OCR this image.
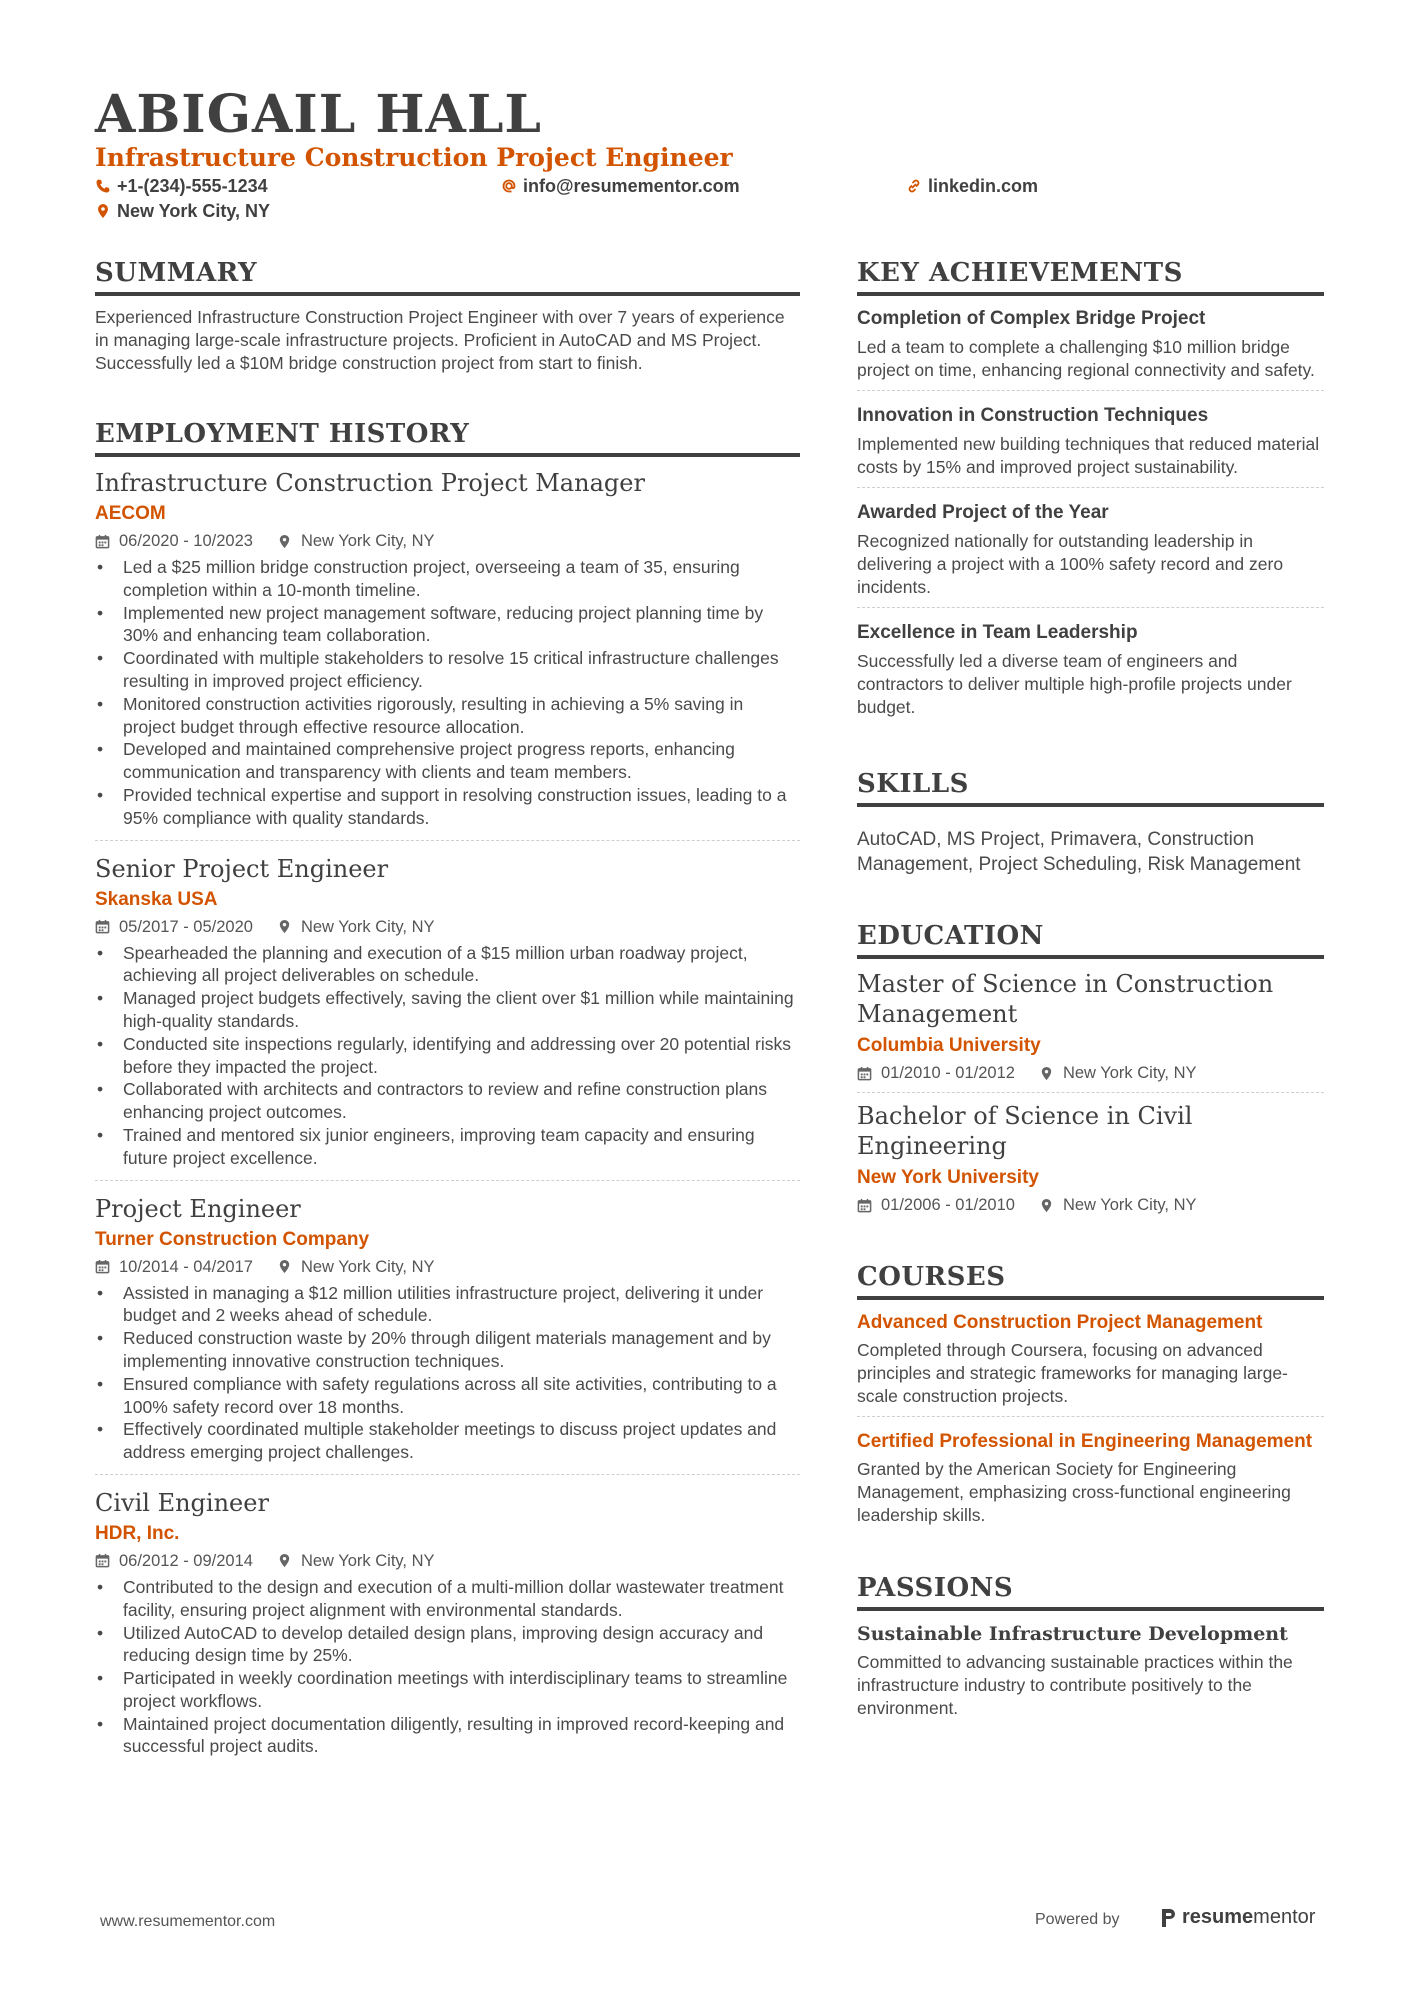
ABIGAIL HALL
Infrastructure Construction Project Engineer
+1-(234)-555-1234	info@resumementor.com	linkedin.com
New York City, NY
SUMMARY

Experienced Infrastructure Construction Project Engineer with over 7 years of experience in managing large-scale infrastructure projects. Proficient in AutoCAD and MS Project. Successfully led a $10M bridge construction project from start to finish.

EMPLOYMENT HISTORY
Infrastructure Construction Project Manager
AECOM
06/2020 - 10/2023	New York City, NY
• Led a $25 million bridge construction project, overseeing a team of 35, ensuring completion within a 10-month timeline.
• Implemented new project management software, reducing project planning time by 30% and enhancing team collaboration.
• Coordinated with multiple stakeholders to resolve 15 critical infrastructure challenges resulting in improved project efficiency.
• Monitored construction activities rigorously, resulting in achieving a 5% saving in project budget through effective resource allocation.
• Developed and maintained comprehensive project progress reports, enhancing communication and transparency with clients and team members.
• Provided technical expertise and support in resolving construction issues, leading to a 95% compliance with quality standards.
Senior Project Engineer
Skanska USA
05/2017 - 05/2020	New York City, NY
• Spearheaded the planning and execution of a $15 million urban roadway project, achieving all project deliverables on schedule.
• Managed project budgets effectively, saving the client over $1 million while maintaining high-quality standards.
• Conducted site inspections regularly, identifying and addressing over 20 potential risks before they impacted the project.
• Collaborated with architects and contractors to review and refine construction plans enhancing project outcomes.
• Trained and mentored six junior engineers, improving team capacity and ensuring future project excellence.
Project Engineer
Turner Construction Company
10/2014 - 04/2017	New York City, NY
• Assisted in managing a $12 million utilities infrastructure project, delivering it under budget and 2 weeks ahead of schedule.
• Reduced construction waste by 20% through diligent materials management and by implementing innovative construction techniques.
• Ensured compliance with safety regulations across all site activities, contributing to a 100% safety record over 18 months.
• Effectively coordinated multiple stakeholder meetings to discuss project updates and address emerging project challenges.
Civil Engineer
HDR, Inc.
06/2012 - 09/2014	New York City, NY
• Contributed to the design and execution of a multi-million dollar wastewater treatment facility, ensuring project alignment with environmental standards.
• Utilized AutoCAD to develop detailed design plans, improving design accuracy and reducing design time by 25%.
• Participated in weekly coordination meetings with interdisciplinary teams to streamline project workflows.
• Maintained project documentation diligently, resulting in improved record-keeping and successful project audits.
KEY ACHIEVEMENTS
Completion of Complex Bridge Project

Led a team to complete a challenging $10 million bridge project on time, enhancing regional connectivity and safety.

Innovation in Construction Techniques

Implemented new building techniques that reduced material costs by 15% and improved project sustainability.

Awarded Project of the Year

Recognized nationally for outstanding leadership in delivering a project with a 100% safety record and zero incidents.

Excellence in Team Leadership

Successfully led a diverse team of engineers and contractors to deliver multiple high-profile projects under budget.

SKILLS

AutoCAD, MS Project, Primavera, Construction Management, Project Scheduling, Risk Management

EDUCATION
Master of Science in Construction Management
Columbia University
01/2010 - 01/2012	New York City, NY
Bachelor of Science in Civil Engineering
New York University
01/2006 - 01/2010	New York City, NY
COURSES
Advanced Construction Project Management

Completed through Coursera, focusing on advanced principles and strategic frameworks for managing large-scale construction projects.

Certified Professional in Engineering Management

Granted by the American Society for Engineering Management, emphasizing cross-functional engineering leadership skills.

PASSIONS
Sustainable Infrastructure Development

Committed to advancing sustainable practices within the infrastructure industry to contribute positively to the environment.

www.resumementor.com	Powered by	resume mentor
